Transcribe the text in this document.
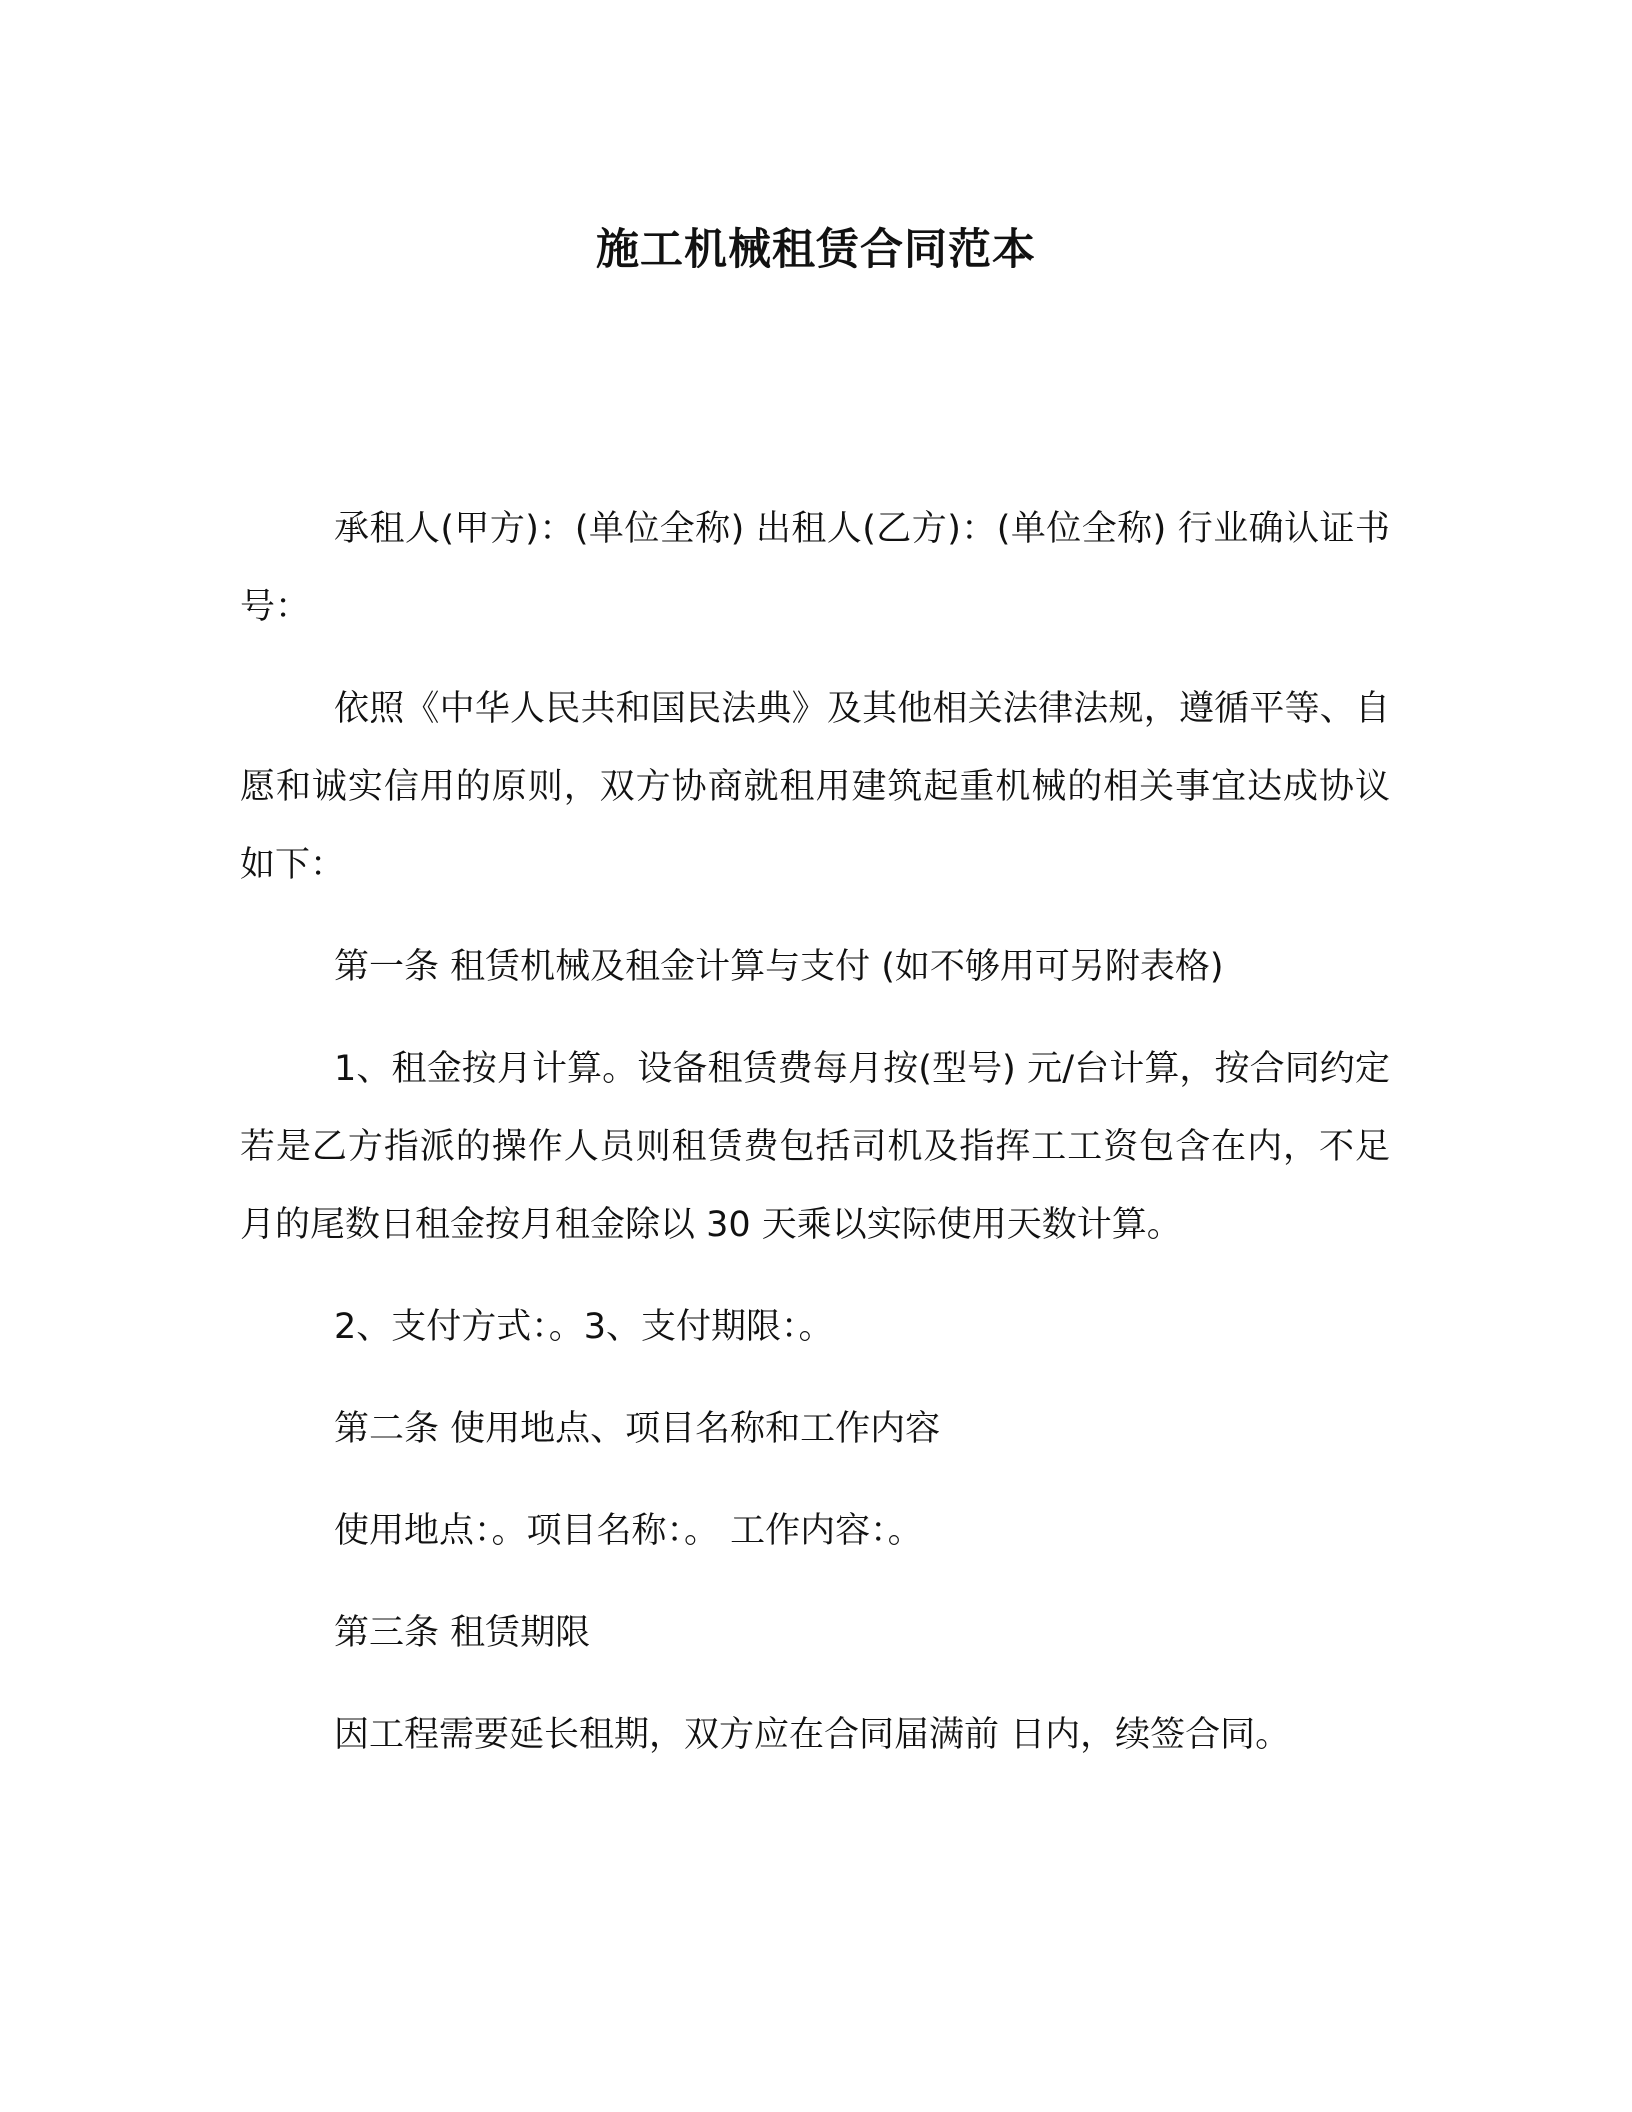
施工机械租赁合同范本

承租人(甲方)：(单位全称) 出租人(乙方)：(单位全称) 行业确认证书号：

依照《中华人民共和国民法典》及其他相关法律法规，遵循平等、自愿和诚实信用的原则，双方协商就租用建筑起重机械的相关事宜达成协议如下：

第一条 租赁机械及租金计算与支付 (如不够用可另附表格)

1、租金按月计算。设备租赁费每月按(型号) 元/台计算，按合同约定若是乙方指派的操作人员则租赁费包括司机及指挥工工资包含在内，不足月的尾数日租金按月租金除以 30 天乘以实际使用天数计算。

2、支付方式：。3、支付期限：。

第二条 使用地点、项目名称和工作内容

使用地点：。项目名称：。 工作内容：。

第三条 租赁期限

因工程需要延长租期，双方应在合同届满前 日内，续签合同。
